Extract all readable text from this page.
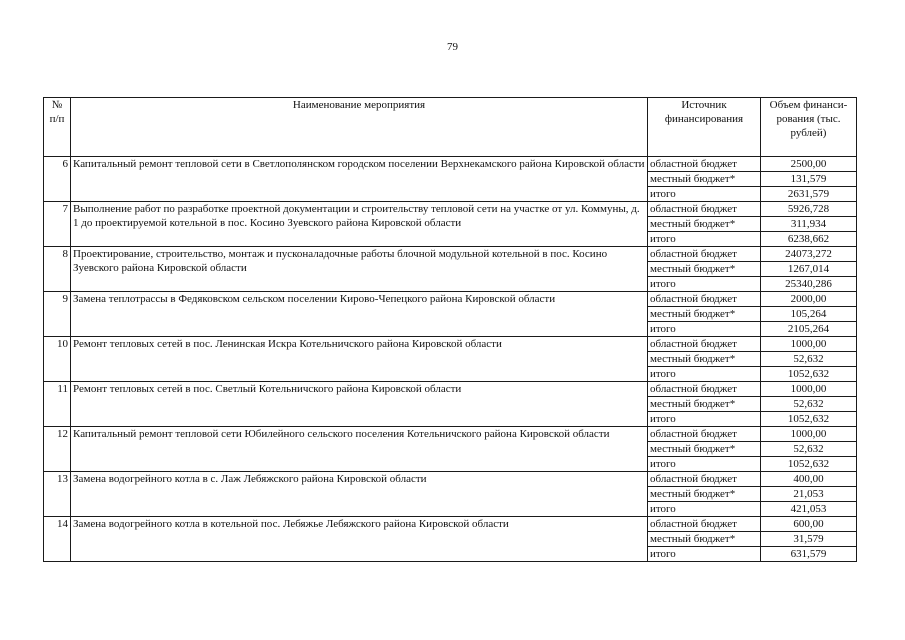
79
№ п/п	Наименование мероприятия	Источник финансирования	Объем финанси-рования (тыс. рублей)
6	Капитальный ремонт тепловой сети в Светлополянском городском поселении Верхнекамского района Кировской области	областной бюджет	2500,00
		местный бюджет*	131,579
		итого	2631,579
7	Выполнение работ по разработке проектной документации и строительству тепловой сети на участке от ул. Коммуны, д. 1 до проектируемой котельной в пос. Косино Зуевского района Кировской области	областной бюджет	5926,728
		местный бюджет*	311,934
		итого	6238,662
8	Проектирование, строительство, монтаж и пусконаладочные работы блочной модульной котельной в пос. Косино Зуевского района Кировской области	областной бюджет	24073,272
		местный бюджет*	1267,014
		итого	25340,286
9	Замена теплотрассы в Федяковском сельском поселении Кирово-Чепецкого района Кировской области	областной бюджет	2000,00
		местный бюджет*	105,264
		итого	2105,264
10	Ремонт тепловых сетей в пос. Ленинская Искра Котельничского района Кировской области	областной бюджет	1000,00
		местный бюджет*	52,632
		итого	1052,632
11	Ремонт тепловых сетей в пос. Светлый Котельничского района Кировской области	областной бюджет	1000,00
		местный бюджет*	52,632
		итого	1052,632
12	Капитальный ремонт тепловой сети Юбилейного сельского поселения Котельничского района Кировской области	областной бюджет	1000,00
		местный бюджет*	52,632
		итого	1052,632
13	Замена водогрейного котла в с. Лаж Лебяжского района Кировской области	областной бюджет	400,00
		местный бюджет*	21,053
		итого	421,053
14	Замена водогрейного котла в котельной пос. Лебяжье Лебяжского района Кировской области	областной бюджет	600,00
		местный бюджет*	31,579
		итого	631,579
